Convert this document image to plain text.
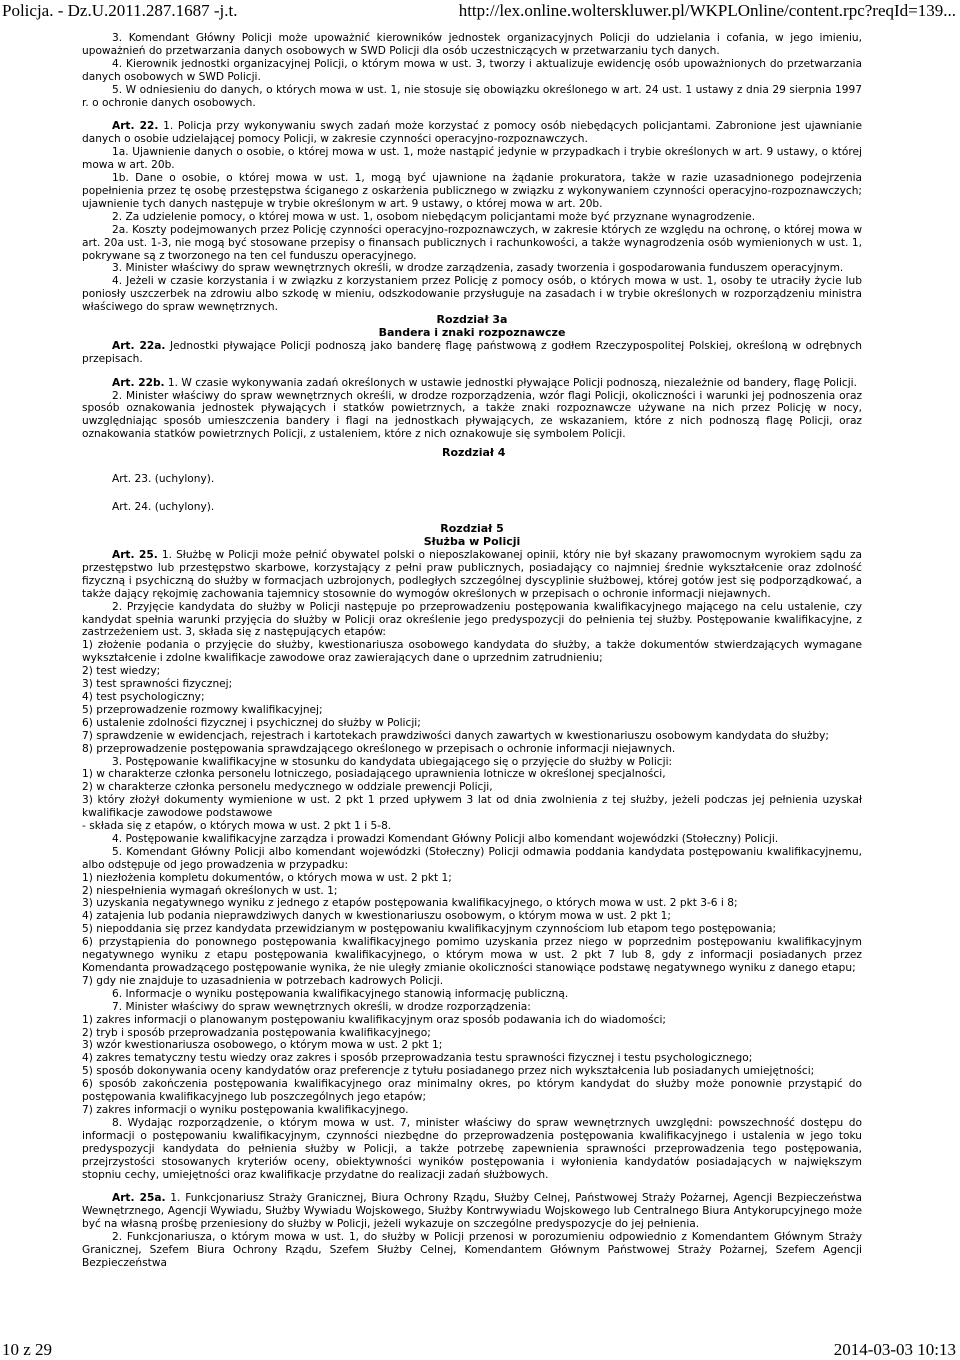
Policja. - Dz.U.2011.287.1687 -j.t.	http://lex.online.wolterskluwer.pl/WKPLOnline/content.rpc?reqId=139...

3. Komendant Główny Policji może upoważnić kierowników jednostek organizacyjnych Policji do udzielania i cofania, w jego imieniu, upoważnień do przetwarzania danych osobowych w SWD Policji dla osób uczestniczących w przetwarzaniu tych danych.

4. Kierownik jednostki organizacyjnej Policji, o którym mowa w ust. 3, tworzy i aktualizuje ewidencję osób upoważnionych do przetwarzania danych osobowych w SWD Policji.

5. W odniesieniu do danych, o których mowa w ust. 1, nie stosuje się obowiązku określonego w art. 24 ust. 1 ustawy z dnia 29 sierpnia 1997 r. o ochronie danych osobowych.

Art. 22. 1. Policja przy wykonywaniu swych zadań może korzystać z pomocy osób niebędących policjantami. Zabronione jest ujawnianie danych o osobie udzielającej pomocy Policji, w zakresie czynności operacyjno-rozpoznawczych.

1a. Ujawnienie danych o osobie, o której mowa w ust. 1, może nastąpić jedynie w przypadkach i trybie określonych w art. 9 ustawy, o której mowa w art. 20b.

1b. Dane o osobie, o której mowa w ust. 1, mogą być ujawnione na żądanie prokuratora, także w razie uzasadnionego podejrzenia popełnienia przez tę osobę przestępstwa ściganego z oskarżenia publicznego w związku z wykonywaniem czynności operacyjno-rozpoznawczych; ujawnienie tych danych następuje w trybie określonym w art. 9 ustawy, o której mowa w art. 20b.

2. Za udzielenie pomocy, o której mowa w ust. 1, osobom niebędącym policjantami może być przyznane wynagrodzenie.

2a. Koszty podejmowanych przez Policję czynności operacyjno-rozpoznawczych, w zakresie których ze względu na ochronę, o której mowa w art. 20a ust. 1-3, nie mogą być stosowane przepisy o finansach publicznych i rachunkowości, a także wynagrodzenia osób wymienionych w ust. 1, pokrywane są z tworzonego na ten cel funduszu operacyjnego.

3. Minister właściwy do spraw wewnętrznych określi, w drodze zarządzenia, zasady tworzenia i gospodarowania funduszem operacyjnym.

4. Jeżeli w czasie korzystania i w związku z korzystaniem przez Policję z pomocy osób, o których mowa w ust. 1, osoby te utraciły życie lub poniosły uszczerbek na zdrowiu albo szkodę w mieniu, odszkodowanie przysługuje na zasadach i w trybie określonych w rozporządzeniu ministra właściwego do spraw wewnętrznych.

Rozdział 3a

Bandera i znaki rozpoznawcze

Art. 22a. Jednostki pływające Policji podnoszą jako banderę flagę państwową z godłem Rzeczypospolitej Polskiej, określoną w odrębnych przepisach.

Art. 22b. 1. W czasie wykonywania zadań określonych w ustawie jednostki pływające Policji podnoszą, niezależnie od bandery, flagę Policji.

2. Minister właściwy do spraw wewnętrznych określi, w drodze rozporządzenia, wzór flagi Policji, okoliczności i warunki jej podnoszenia oraz sposób oznakowania jednostek pływających i statków powietrznych, a także znaki rozpoznawcze używane na nich przez Policję w nocy, uwzględniając sposób umieszczenia bandery i flagi na jednostkach pływających, ze wskazaniem, które z nich podnoszą flagę Policji, oraz oznakowania statków powietrznych Policji, z ustaleniem, które z nich oznakowuje się symbolem Policji.

Rozdział 4
Art. 23. (uchylony).
Art. 24. (uchylony).

Rozdział 5

Służba w Policji

Art. 25. 1. Służbę w Policji może pełnić obywatel polski o nieposzlakowanej opinii, który nie był skazany prawomocnym wyrokiem sądu za przestępstwo lub przestępstwo skarbowe, korzystający z pełni praw publicznych, posiadający co najmniej średnie wykształcenie oraz zdolność fizyczną i psychiczną do służby w formacjach uzbrojonych, podległych szczególnej dyscyplinie służbowej, której gotów jest się podporządkować, a także dający rękojmię zachowania tajemnicy stosownie do wymogów określonych w przepisach o ochronie informacji niejawnych.

2. Przyjęcie kandydata do służby w Policji następuje po przeprowadzeniu postępowania kwalifikacyjnego mającego na celu ustalenie, czy kandydat spełnia warunki przyjęcia do służby w Policji oraz określenie jego predyspozycji do pełnienia tej służby. Postępowanie kwalifikacyjne, z zastrzeżeniem ust. 3, składa się z następujących etapów:

1) złożenie podania o przyjęcie do służby, kwestionariusza osobowego kandydata do służby, a także dokumentów stwierdzających wymagane wykształcenie i zdolne kwalifikacje zawodowe oraz zawierających dane o uprzednim zatrudnieniu;

2) test wiedzy;

3) test sprawności fizycznej;

4) test psychologiczny;

5) przeprowadzenie rozmowy kwalifikacyjnej;

6) ustalenie zdolności fizycznej i psychicznej do służby w Policji;

7) sprawdzenie w ewidencjach, rejestrach i kartotekach prawdziwości danych zawartych w kwestionariuszu osobowym kandydata do służby;

8) przeprowadzenie postępowania sprawdzającego określonego w przepisach o ochronie informacji niejawnych.

3. Postępowanie kwalifikacyjne w stosunku do kandydata ubiegającego się o przyjęcie do służby w Policji:

1) w charakterze członka personelu lotniczego, posiadającego uprawnienia lotnicze w określonej specjalności,

2) w charakterze członka personelu medycznego w oddziale prewencji Policji,

3) który złożył dokumenty wymienione w ust. 2 pkt 1 przed upływem 3 lat od dnia zwolnienia z tej służby, jeżeli podczas jej pełnienia uzyskał kwalifikacje zawodowe podstawowe

- składa się z etapów, o których mowa w ust. 2 pkt 1 i 5-8.

4. Postępowanie kwalifikacyjne zarządza i prowadzi Komendant Główny Policji albo komendant wojewódzki (Stołeczny) Policji.

5. Komendant Główny Policji albo komendant wojewódzki (Stołeczny) Policji odmawia poddania kandydata postępowaniu kwalifikacyjnemu, albo odstępuje od jego prowadzenia w przypadku:

1) niezłożenia kompletu dokumentów, o których mowa w ust. 2 pkt 1;

2) niespełnienia wymagań określonych w ust. 1;

3) uzyskania negatywnego wyniku z jednego z etapów postępowania kwalifikacyjnego, o których mowa w ust. 2 pkt 3-6 i 8;

4) zatajenia lub podania nieprawdziwych danych w kwestionariuszu osobowym, o którym mowa w ust. 2 pkt 1;

5) niepoddania się przez kandydata przewidzianym w postępowaniu kwalifikacyjnym czynnościom lub etapom tego postępowania;

6) przystąpienia do ponownego postępowania kwalifikacyjnego pomimo uzyskania przez niego w poprzednim postępowaniu kwalifikacyjnym negatywnego wyniku z etapu postępowania kwalifikacyjnego, o którym mowa w ust. 2 pkt 7 lub 8, gdy z informacji posiadanych przez Komendanta prowadzącego postępowanie wynika, że nie uległy zmianie okoliczności stanowiące podstawę negatywnego wyniku z danego etapu;

7) gdy nie znajduje to uzasadnienia w potrzebach kadrowych Policji.

6. Informacje o wyniku postępowania kwalifikacyjnego stanowią informację publiczną.

7. Minister właściwy do spraw wewnętrznych określi, w drodze rozporządzenia:

1) zakres informacji o planowanym postępowaniu kwalifikacyjnym oraz sposób podawania ich do wiadomości;

2) tryb i sposób przeprowadzania postępowania kwalifikacyjnego;

3) wzór kwestionariusza osobowego, o którym mowa w ust. 2 pkt 1;

4) zakres tematyczny testu wiedzy oraz zakres i sposób przeprowadzania testu sprawności fizycznej i testu psychologicznego;

5) sposób dokonywania oceny kandydatów oraz preferencje z tytułu posiadanego przez nich wykształcenia lub posiadanych umiejętności;

6) sposób zakończenia postępowania kwalifikacyjnego oraz minimalny okres, po którym kandydat do służby może ponownie przystąpić do postępowania kwalifikacyjnego lub poszczególnych jego etapów;

7) zakres informacji o wyniku postępowania kwalifikacyjnego.

8. Wydając rozporządzenie, o którym mowa w ust. 7, minister właściwy do spraw wewnętrznych uwzględni: powszechność dostępu do informacji o postępowaniu kwalifikacyjnym, czynności niezbędne do przeprowadzenia postępowania kwalifikacyjnego i ustalenia w jego toku predyspozycji kandydata do pełnienia służby w Policji, a także potrzebę zapewnienia sprawności przeprowadzenia tego postępowania, przejrzystości stosowanych kryteriów oceny, obiektywności wyników postępowania i wyłonienia kandydatów posiadających w największym stopniu cechy, umiejętności oraz kwalifikacje przydatne do realizacji zadań służbowych.

Art. 25a. 1. Funkcjonariusz Straży Granicznej, Biura Ochrony Rządu, Służby Celnej, Państwowej Straży Pożarnej, Agencji Bezpieczeństwa Wewnętrznego, Agencji Wywiadu, Służby Wywiadu Wojskowego, Służby Kontrwywiadu Wojskowego lub Centralnego Biura Antykorupcyjnego może być na własną prośbę przeniesiony do służby w Policji, jeżeli wykazuje on szczególne predyspozycje do jej pełnienia.

2. Funkcjonariusza, o którym mowa w ust. 1, do służby w Policji przenosi w porozumieniu odpowiednio z Komendantem Głównym Straży Granicznej, Szefem Biura Ochrony Rządu, Szefem Służby Celnej, Komendantem Głównym Państwowej Straży Pożarnej, Szefem Agencji Bezpieczeństwa

10 z 29	2014-03-03 10:13
